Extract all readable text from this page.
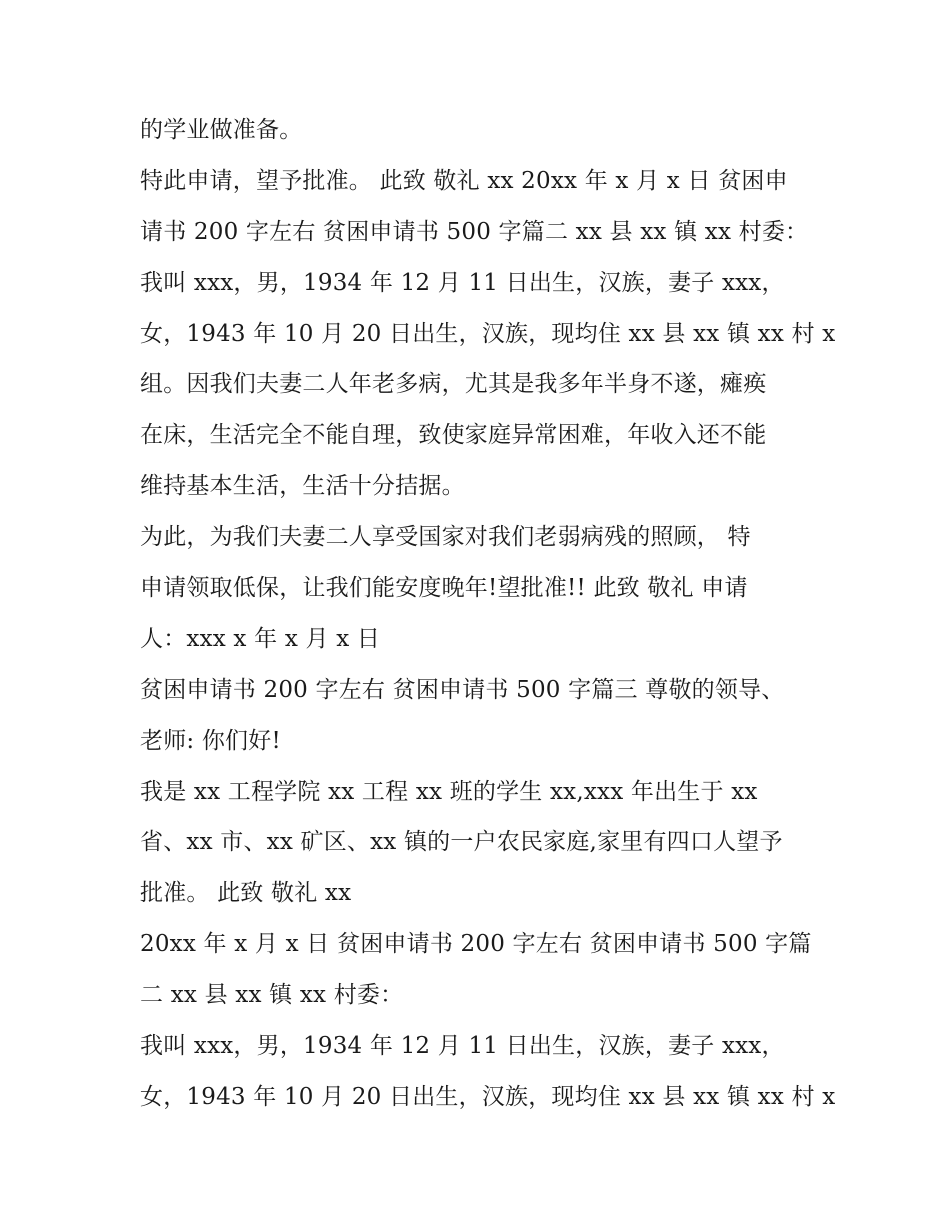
的学业做准备。
特此申请，望予批准。 此致 敬礼 xx 20xx 年 x 月 x 日 贫困申
请书 200 字左右 贫困申请书 500 字篇二 xx 县 xx 镇 xx 村委：
我叫 xxx，男，1934 年 12 月 11 日出生，汉族，妻子 xxx，
女，1943 年 10 月 20 日出生，汉族，现均住 xx 县 xx 镇 xx 村 x
组。因我们夫妻二人年老多病，尤其是我多年半身不遂，瘫痪
在床，生活完全不能自理，致使家庭异常困难，年收入还不能
维持基本生活，生活十分拮据。
为此，为我们夫妻二人享受国家对我们老弱病残的照顾， 特
申请领取低保，让我们能安度晚年!望批准!! 此致 敬礼 申请
人：xxx x 年 x 月 x 日
贫困申请书 200 字左右 贫困申请书 500 字篇三 尊敬的领导、
老师: 你们好!
我是 xx 工程学院 xx 工程 xx 班的学生 xx,xxx 年出生于 xx
省、xx 市、xx 矿区、xx 镇的一户农民家庭,家里有四口人望予
批准。 此致 敬礼 xx
20xx 年 x 月 x 日 贫困申请书 200 字左右 贫困申请书 500 字篇
二 xx 县 xx 镇 xx 村委：
我叫 xxx，男，1934 年 12 月 11 日出生，汉族，妻子 xxx，
女，1943 年 10 月 20 日出生，汉族，现均住 xx 县 xx 镇 xx 村 x
